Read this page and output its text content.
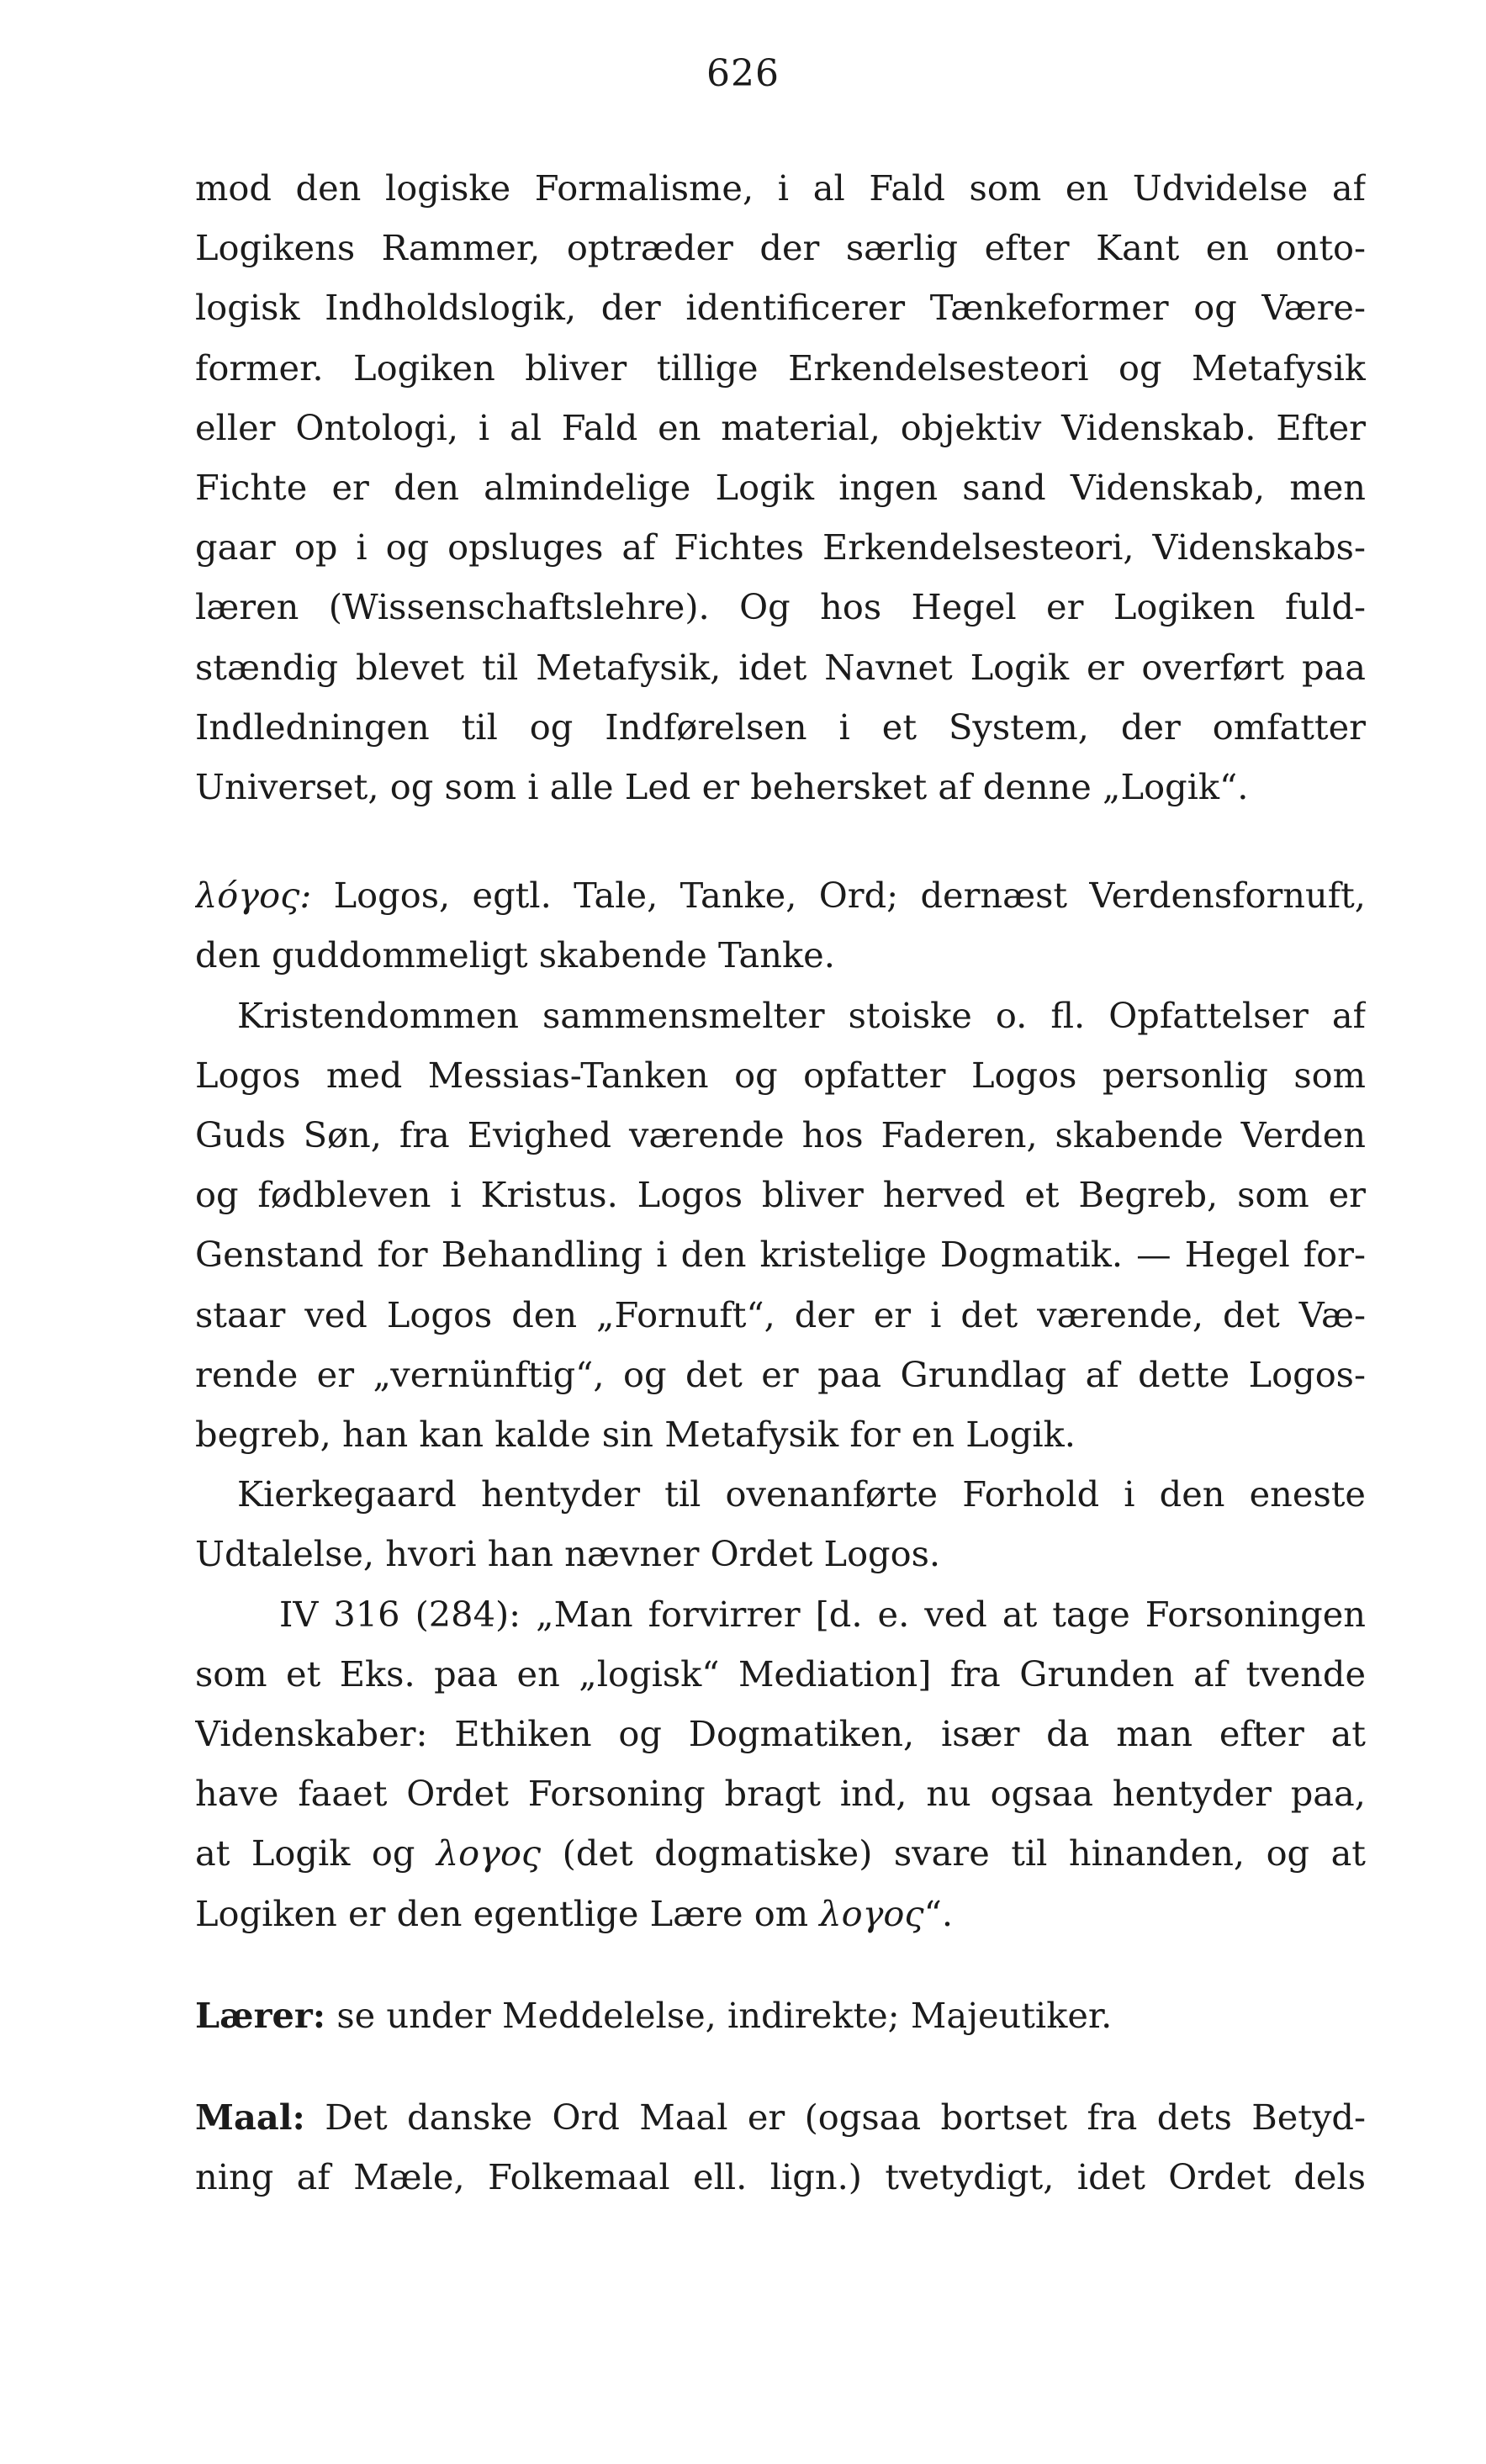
626
mod den logiske Formalisme, i al Fald som en Udvidelse af
Logikens Rammer, optræder der særlig efter Kant en onto-
logisk Indholdslogik, der identificerer Tænkeformer og Være-
former. Logiken bliver tillige Erkendelsesteori og Metafysik
eller Ontologi, i al Fald en material, objektiv Videnskab. Efter
Fichte er den almindelige Logik ingen sand Videnskab, men
gaar op i og opsluges af Fichtes Erkendelsesteori, Videnskabs-
læren (Wissenschaftslehre). Og hos Hegel er Logiken fuld-
stændig blevet til Metafysik, idet Navnet Logik er overført paa
Indledningen til og Indførelsen i et System, der omfatter
Universet, og som i alle Led er behersket af denne „Logik“.
λόγος: Logos, egtl. Tale, Tanke, Ord; dernæst Verdensfornuft,
den guddommeligt skabende Tanke.
Kristendommen sammensmelter stoiske o. fl. Opfattelser af
Logos med Messias-Tanken og opfatter Logos personlig som
Guds Søn, fra Evighed værende hos Faderen, skabende Verden
og fødbleven i Kristus. Logos bliver herved et Begreb, som er
Genstand for Behandling i den kristelige Dogmatik. — Hegel for-
staar ved Logos den „Fornuft“, der er i det værende, det Væ-
rende er „vernünftig“, og det er paa Grundlag af dette Logos-
begreb, han kan kalde sin Metafysik for en Logik.
Kierkegaard hentyder til ovenanførte Forhold i den eneste
Udtalelse, hvori han nævner Ordet Logos.
IV 316 (284): „Man forvirrer [d. e. ved at tage Forsoningen
som et Eks. paa en „logisk“ Mediation] fra Grunden af tvende
Videnskaber: Ethiken og Dogmatiken, især da man efter at
have faaet Ordet Forsoning bragt ind, nu ogsaa hentyder paa,
at Logik og λογος (det dogmatiske) svare til hinanden, og at
Logiken er den egentlige Lære om λογος“.
Lærer: se under Meddelelse, indirekte; Majeutiker.
Maal: Det danske Ord Maal er (ogsaa bortset fra dets Betyd-
ning af Mæle, Folkemaal ell. lign.) tvetydigt, idet Ordet dels
